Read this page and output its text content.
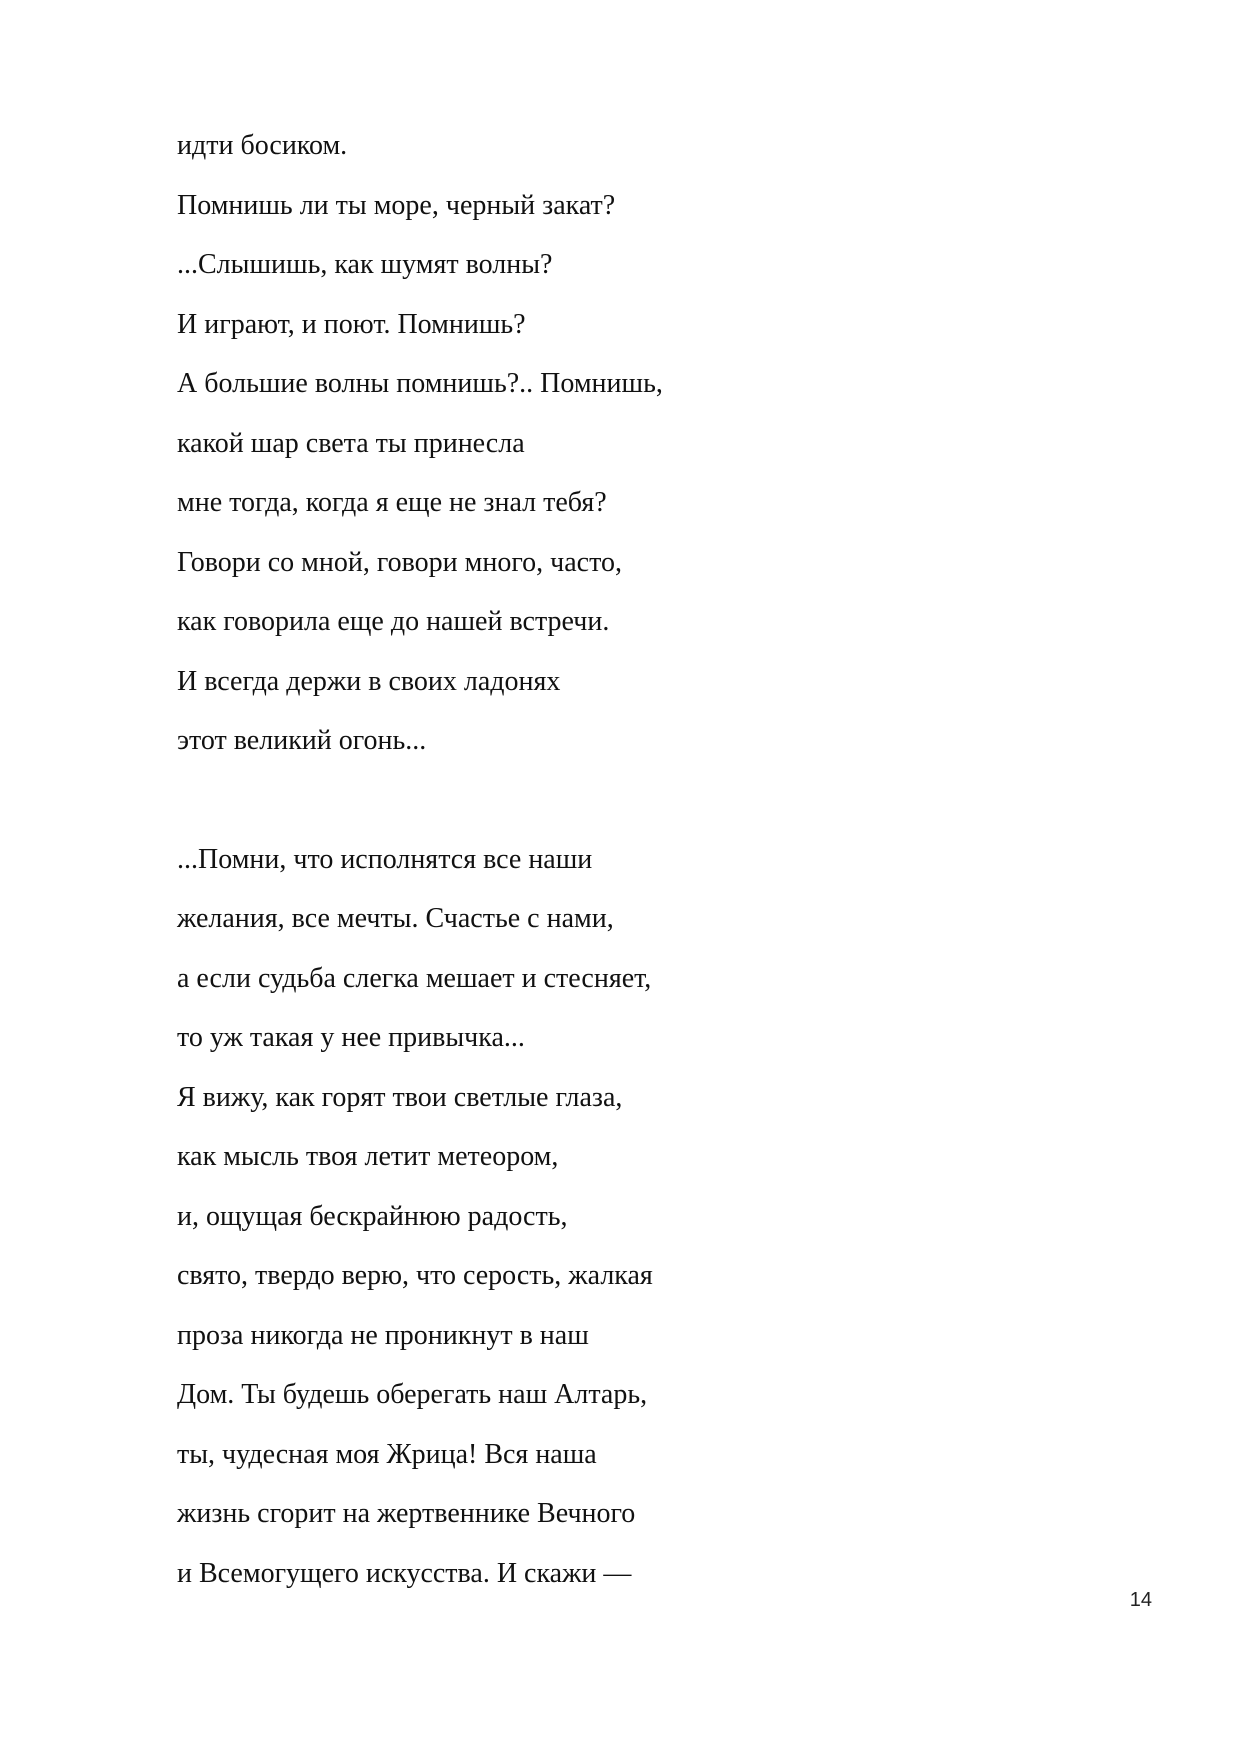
идти босиком.
Помнишь ли ты море, черный закат?
...Слышишь, как шумят волны?
И играют, и поют. Помнишь?
А большие волны помнишь?.. Помнишь,
какой шар света ты принесла
мне тогда, когда я еще не знал тебя?
Говори со мной, говори много, часто,
как говорила еще до нашей встречи.
И всегда держи в своих ладонях
этот великий огонь...
...Помни, что исполнятся все наши
желания, все мечты. Счастье с нами,
а если судьба слегка мешает и стесняет,
то уж такая у нее привычка...
Я вижу, как горят твои светлые глаза,
как мысль твоя летит метеором,
и, ощущая бескрайнюю радость,
свято, твердо верю, что серость, жалкая
проза никогда не проникнут в наш
Дом. Ты будешь оберегать наш Алтарь,
ты, чудесная моя Жрица! Вся наша
жизнь сгорит на жертвеннике Вечного
и Всемогущего искусства. И скажи —
14
